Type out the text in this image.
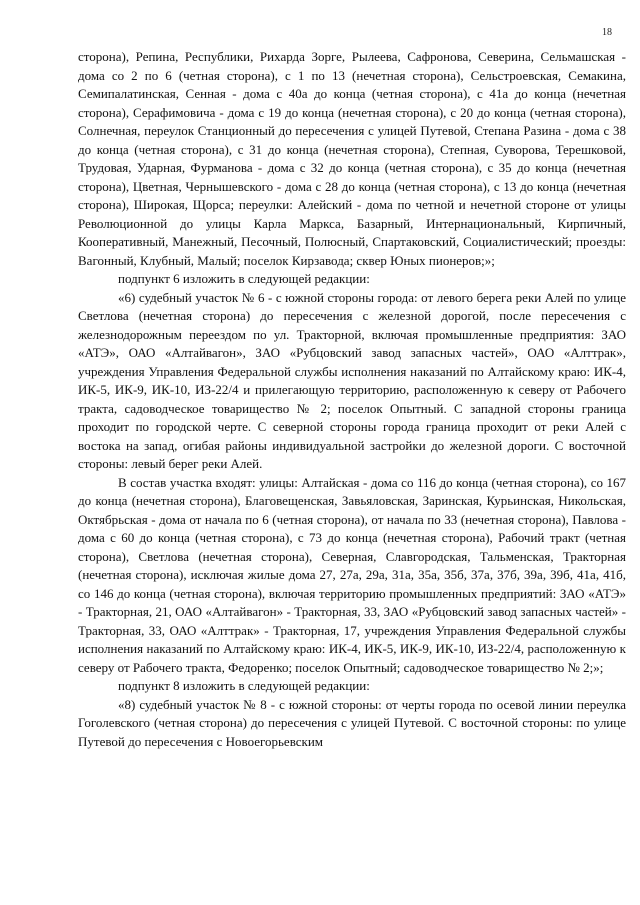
18

сторона), Репина, Республики, Рихарда Зорге, Рылеева, Сафронова, Северина, Сельмашская - дома со 2 по 6 (четная сторона), с 1 по 13 (нечетная сторона), Сельстроевская, Семакина, Семипалатинская, Сенная - дома с 40а до конца (четная сторона), с 41а до конца (нечетная сторона), Серафимовича - дома с 19 до конца (нечетная сторона), с 20 до конца (четная сторона), Солнечная, переулок Станционный до пересечения с улицей Путевой, Степана Разина - дома с 38 до конца (четная сторона), с 31 до конца (нечетная сторона), Степная, Суворова, Терешковой, Трудовая, Ударная, Фурманова - дома с 32 до конца (четная сторона), с 35 до конца (нечетная сторона), Цветная, Чернышевского - дома с 28 до конца (четная сторона), с 13 до конца (нечетная сторона), Широкая, Щорса; переулки: Алейский - дома по четной и нечетной стороне от улицы Революционной до улицы Карла Маркса, Базарный, Интернациональный, Кирпичный, Кооперативный, Манежный, Песочный, Полюсный, Спартаковский, Социалистический; проезды: Вагонный, Клубный, Малый; поселок Кирзавода; сквер Юных пионеров;»;

подпункт 6 изложить в следующей редакции:

«6) судебный участок № 6 - с южной стороны города: от левого берега реки Алей по улице Светлова (нечетная сторона) до пересечения с железной дорогой, после пересечения с железнодорожным переездом по ул. Тракторной, включая промышленные предприятия: ЗАО «АТЭ», ОАО «Алтайвагон», ЗАО «Рубцовский завод запасных частей», ОАО «Алттрак», учреждения Управления Федеральной службы исполнения наказаний по Алтайскому краю: ИК-4, ИК-5, ИК-9, ИК-10, ИЗ-22/4 и прилегающую территорию, расположенную к северу от Рабочего тракта, садоводческое товарищество № 2; поселок Опытный. С западной стороны граница проходит по городской черте. С северной стороны города граница проходит от реки Алей с востока на запад, огибая районы индивидуальной застройки до железной дороги. С восточной стороны: левый берег реки Алей.

В состав участка входят: улицы: Алтайская - дома со 116 до конца (четная сторона), со 167 до конца (нечетная сторона), Благовещенская, Завьяловская, Заринская, Курьинская, Никольская, Октябрьская - дома от начала по 6 (четная сторона), от начала по 33 (нечетная сторона), Павлова - дома с 60 до конца (четная сторона), с 73 до конца (нечетная сторона), Рабочий тракт (четная сторона), Светлова (нечетная сторона), Северная, Славгородская, Тальменская, Тракторная (нечетная сторона), исключая жилые дома 27, 27а, 29а, 31а, 35а, 35б, 37а, 37б, 39а, 39б, 41а, 41б, со 146 до конца (четная сторона), включая территорию промышленных предприятий: ЗАО «АТЭ» - Тракторная, 21, ОАО «Алтайвагон» - Тракторная, 33, ЗАО «Рубцовский завод запасных частей» - Тракторная, 33, ОАО «Алттрак» - Тракторная, 17, учреждения Управления Федеральной службы исполнения наказаний по Алтайскому краю: ИК-4, ИК-5, ИК-9, ИК-10, ИЗ-22/4, расположенную к северу от Рабочего тракта, Федоренко; поселок Опытный; садоводческое товарищество № 2;»;

подпункт 8 изложить в следующей редакции:

«8) судебный участок № 8 - с южной стороны: от черты города по осевой линии переулка Гоголевского (четная сторона) до пересечения с улицей Путевой. С восточной стороны: по улице Путевой до пересечения с Новоегорьевским
